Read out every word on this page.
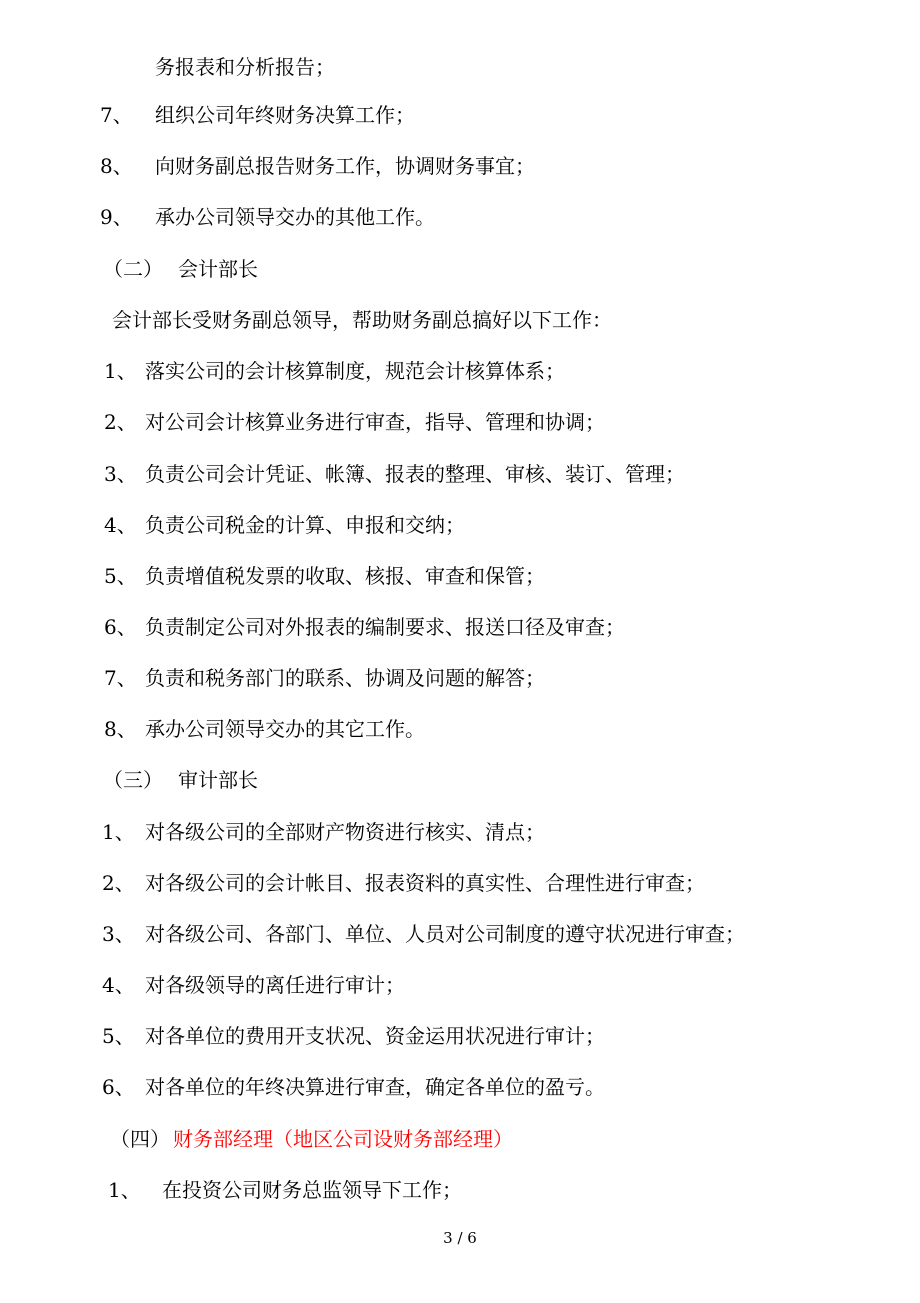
务报表和分析报告；
7、 组织公司年终财务决算工作；
8、 向财务副总报告财务工作，协调财务事宜；
9、 承办公司领导交办的其他工作。
（二） 会计部长
会计部长受财务副总领导，帮助财务副总搞好以下工作：
1、 落实公司的会计核算制度，规范会计核算体系；
2、 对公司会计核算业务进行审查，指导、管理和协调；
3、 负责公司会计凭证、帐簿、报表的整理、审核、装订、管理；
4、 负责公司税金的计算、申报和交纳；
5、 负责增值税发票的收取、核报、审查和保管；
6、 负责制定公司对外报表的编制要求、报送口径及审查；
7、 负责和税务部门的联系、协调及问题的解答；
8、 承办公司领导交办的其它工作。
（三） 审计部长
1、 对各级公司的全部财产物资进行核实、清点；
2、 对各级公司的会计帐目、报表资料的真实性、合理性进行审查；
3、 对各级公司、各部门、单位、人员对公司制度的遵守状况进行审查；
4、 对各级领导的离任进行审计；
5、 对各单位的费用开支状况、资金运用状况进行审计；
6、 对各单位的年终决算进行审查，确定各单位的盈亏。
（四） 财务部经理（地区公司设财务部经理）
1、 在投资公司财务总监领导下工作；
3 / 6
